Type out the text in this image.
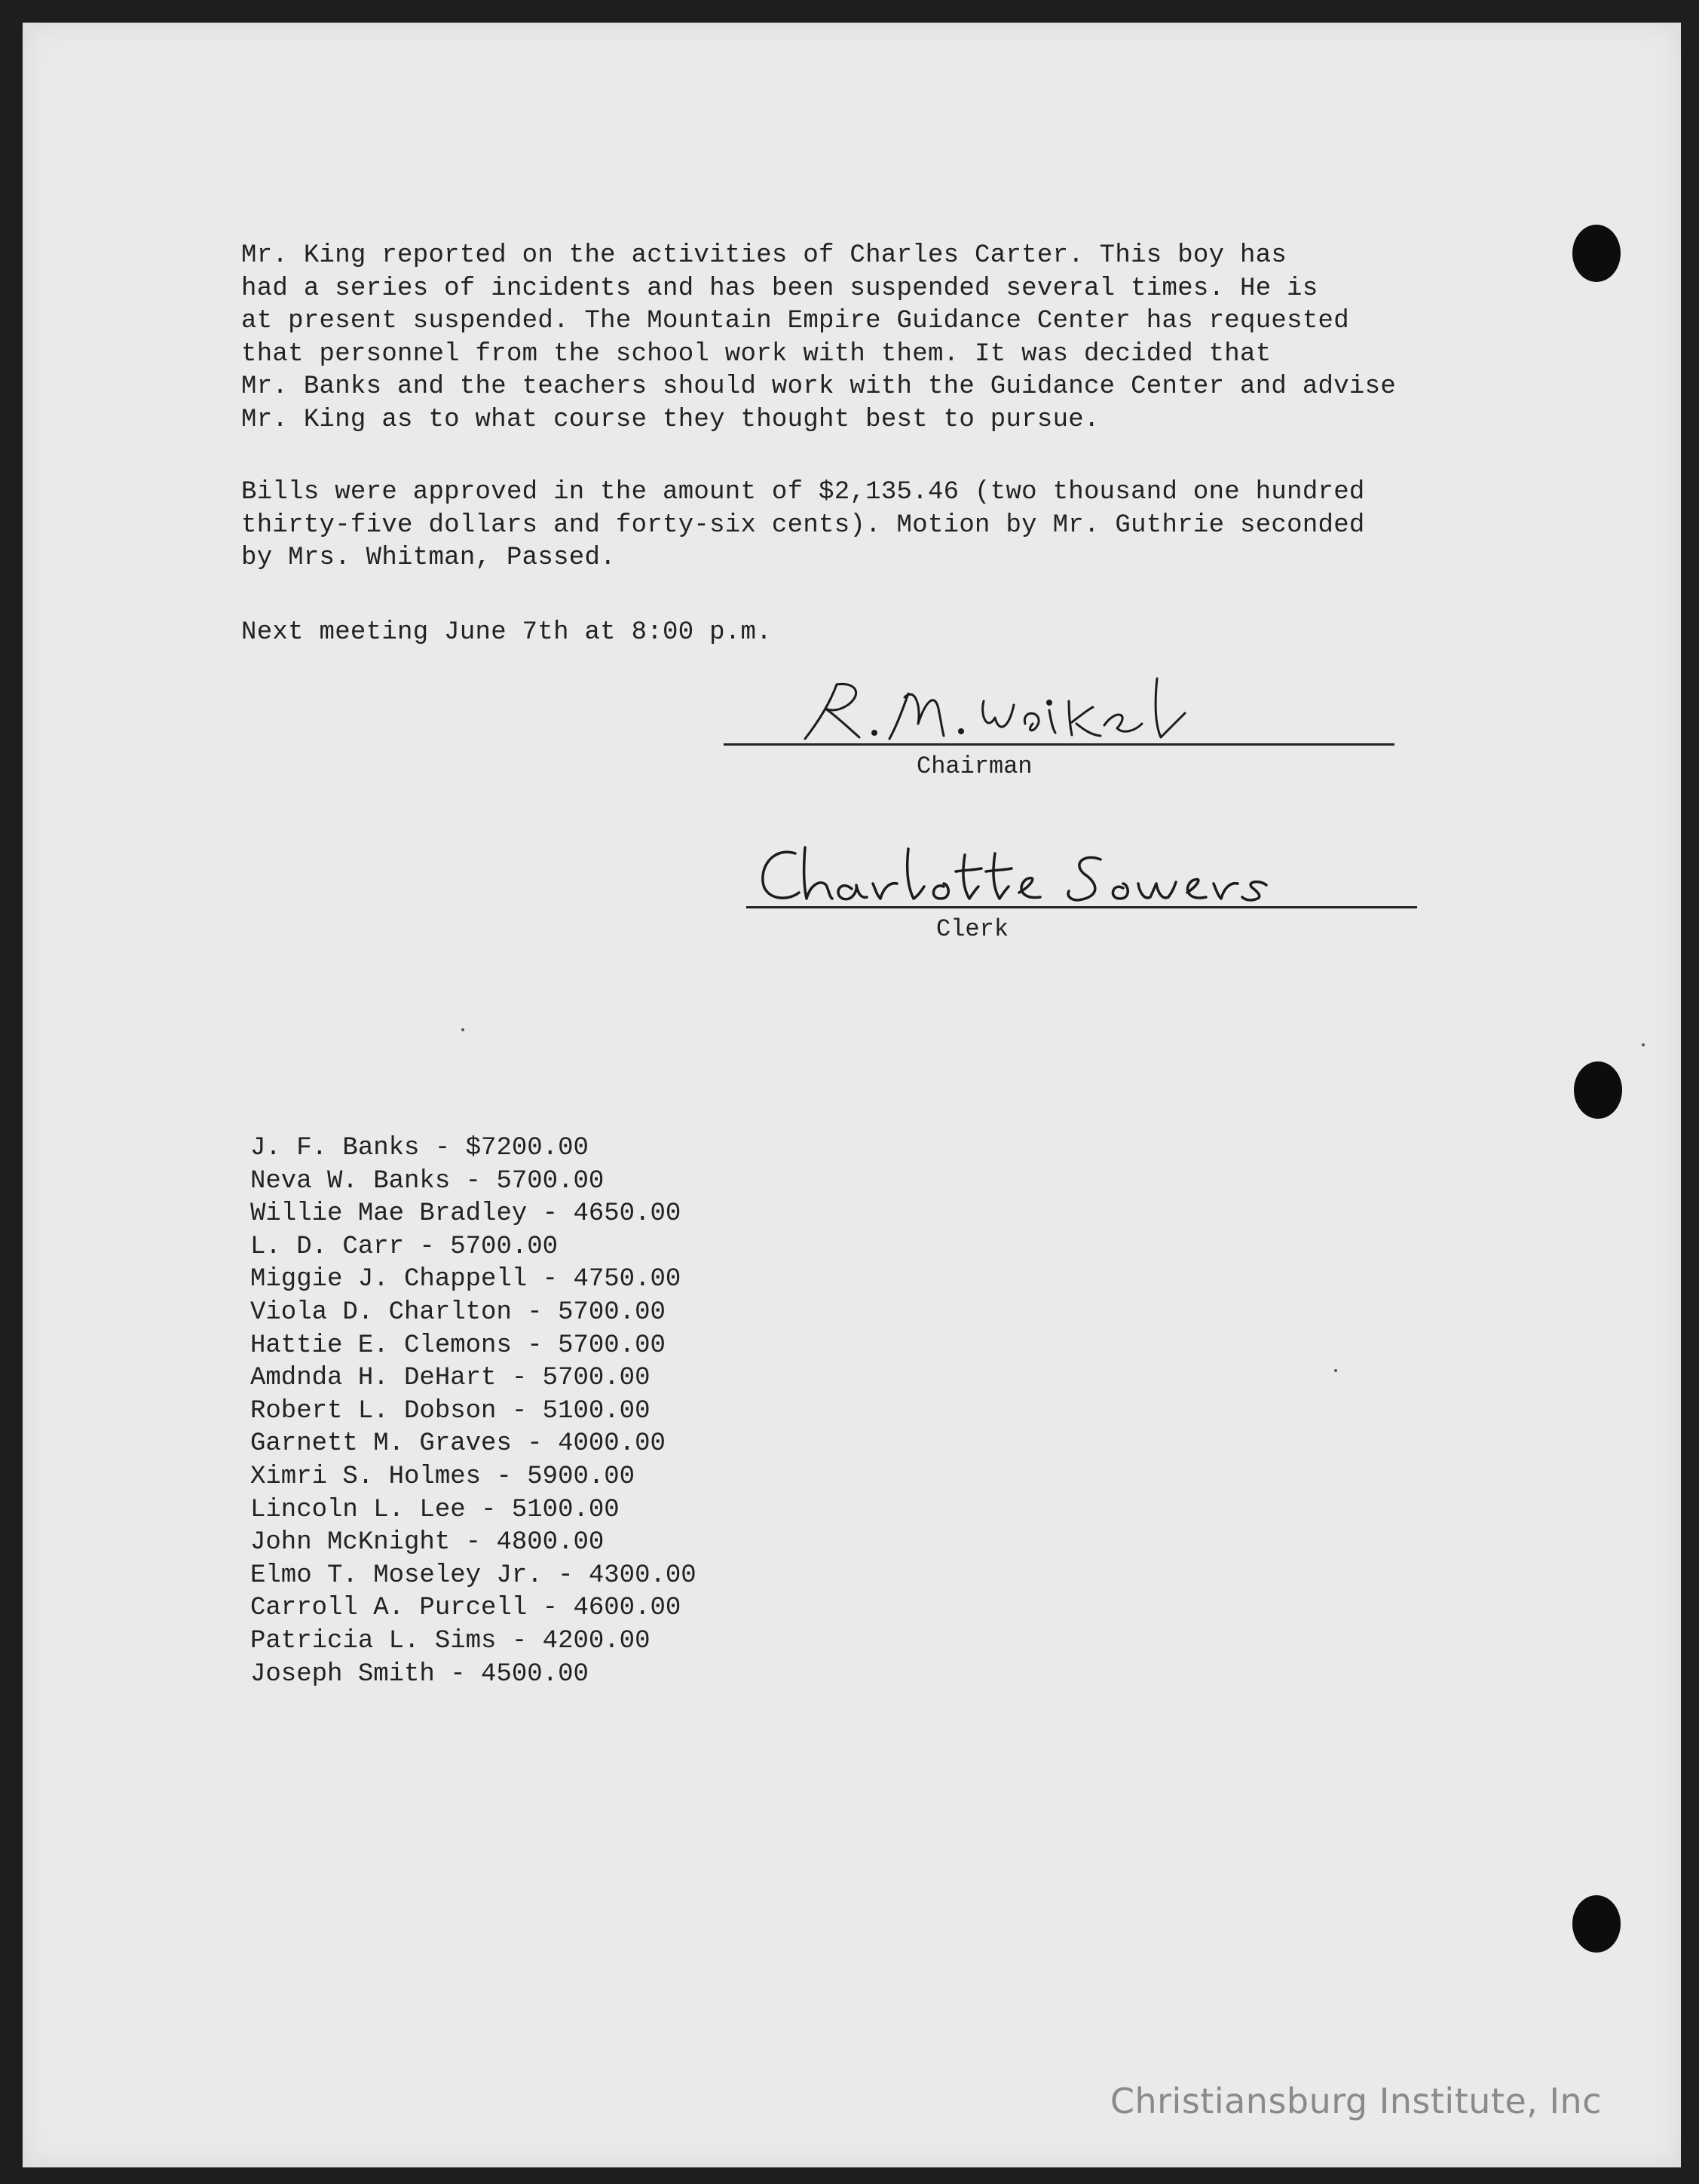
Mr. King reported on the activities of Charles Carter. This boy has
had a series of incidents and has been suspended several times. He is
at present suspended. The Mountain Empire Guidance Center has requested
that personnel from the school work with them. It was decided that
Mr. Banks and the teachers should work with the Guidance Center and advise
Mr. King as to what course they thought best to pursue.

Bills were approved in the amount of $2,135.46 (two thousand one hundred
thirty-five dollars and forty-six cents). Motion by Mr. Guthrie seconded
by Mrs. Whitman, Passed.

Next meeting June 7th at 8:00 p.m.

Chairman
Clerk
J. F. Banks - $7200.00
Neva W. Banks - 5700.00
Willie Mae Bradley - 4650.00
L. D. Carr - 5700.00
Miggie J. Chappell - 4750.00
Viola D. Charlton - 5700.00
Hattie E. Clemons - 5700.00
Amdnda H. DeHart - 5700.00
Robert L. Dobson - 5100.00
Garnett M. Graves - 4000.00
Ximri S. Holmes - 5900.00
Lincoln L. Lee - 5100.00
John McKnight - 4800.00
Elmo T. Moseley Jr. - 4300.00
Carroll A. Purcell - 4600.00
Patricia L. Sims - 4200.00
Joseph Smith - 4500.00
Christiansburg Institute, Inc
